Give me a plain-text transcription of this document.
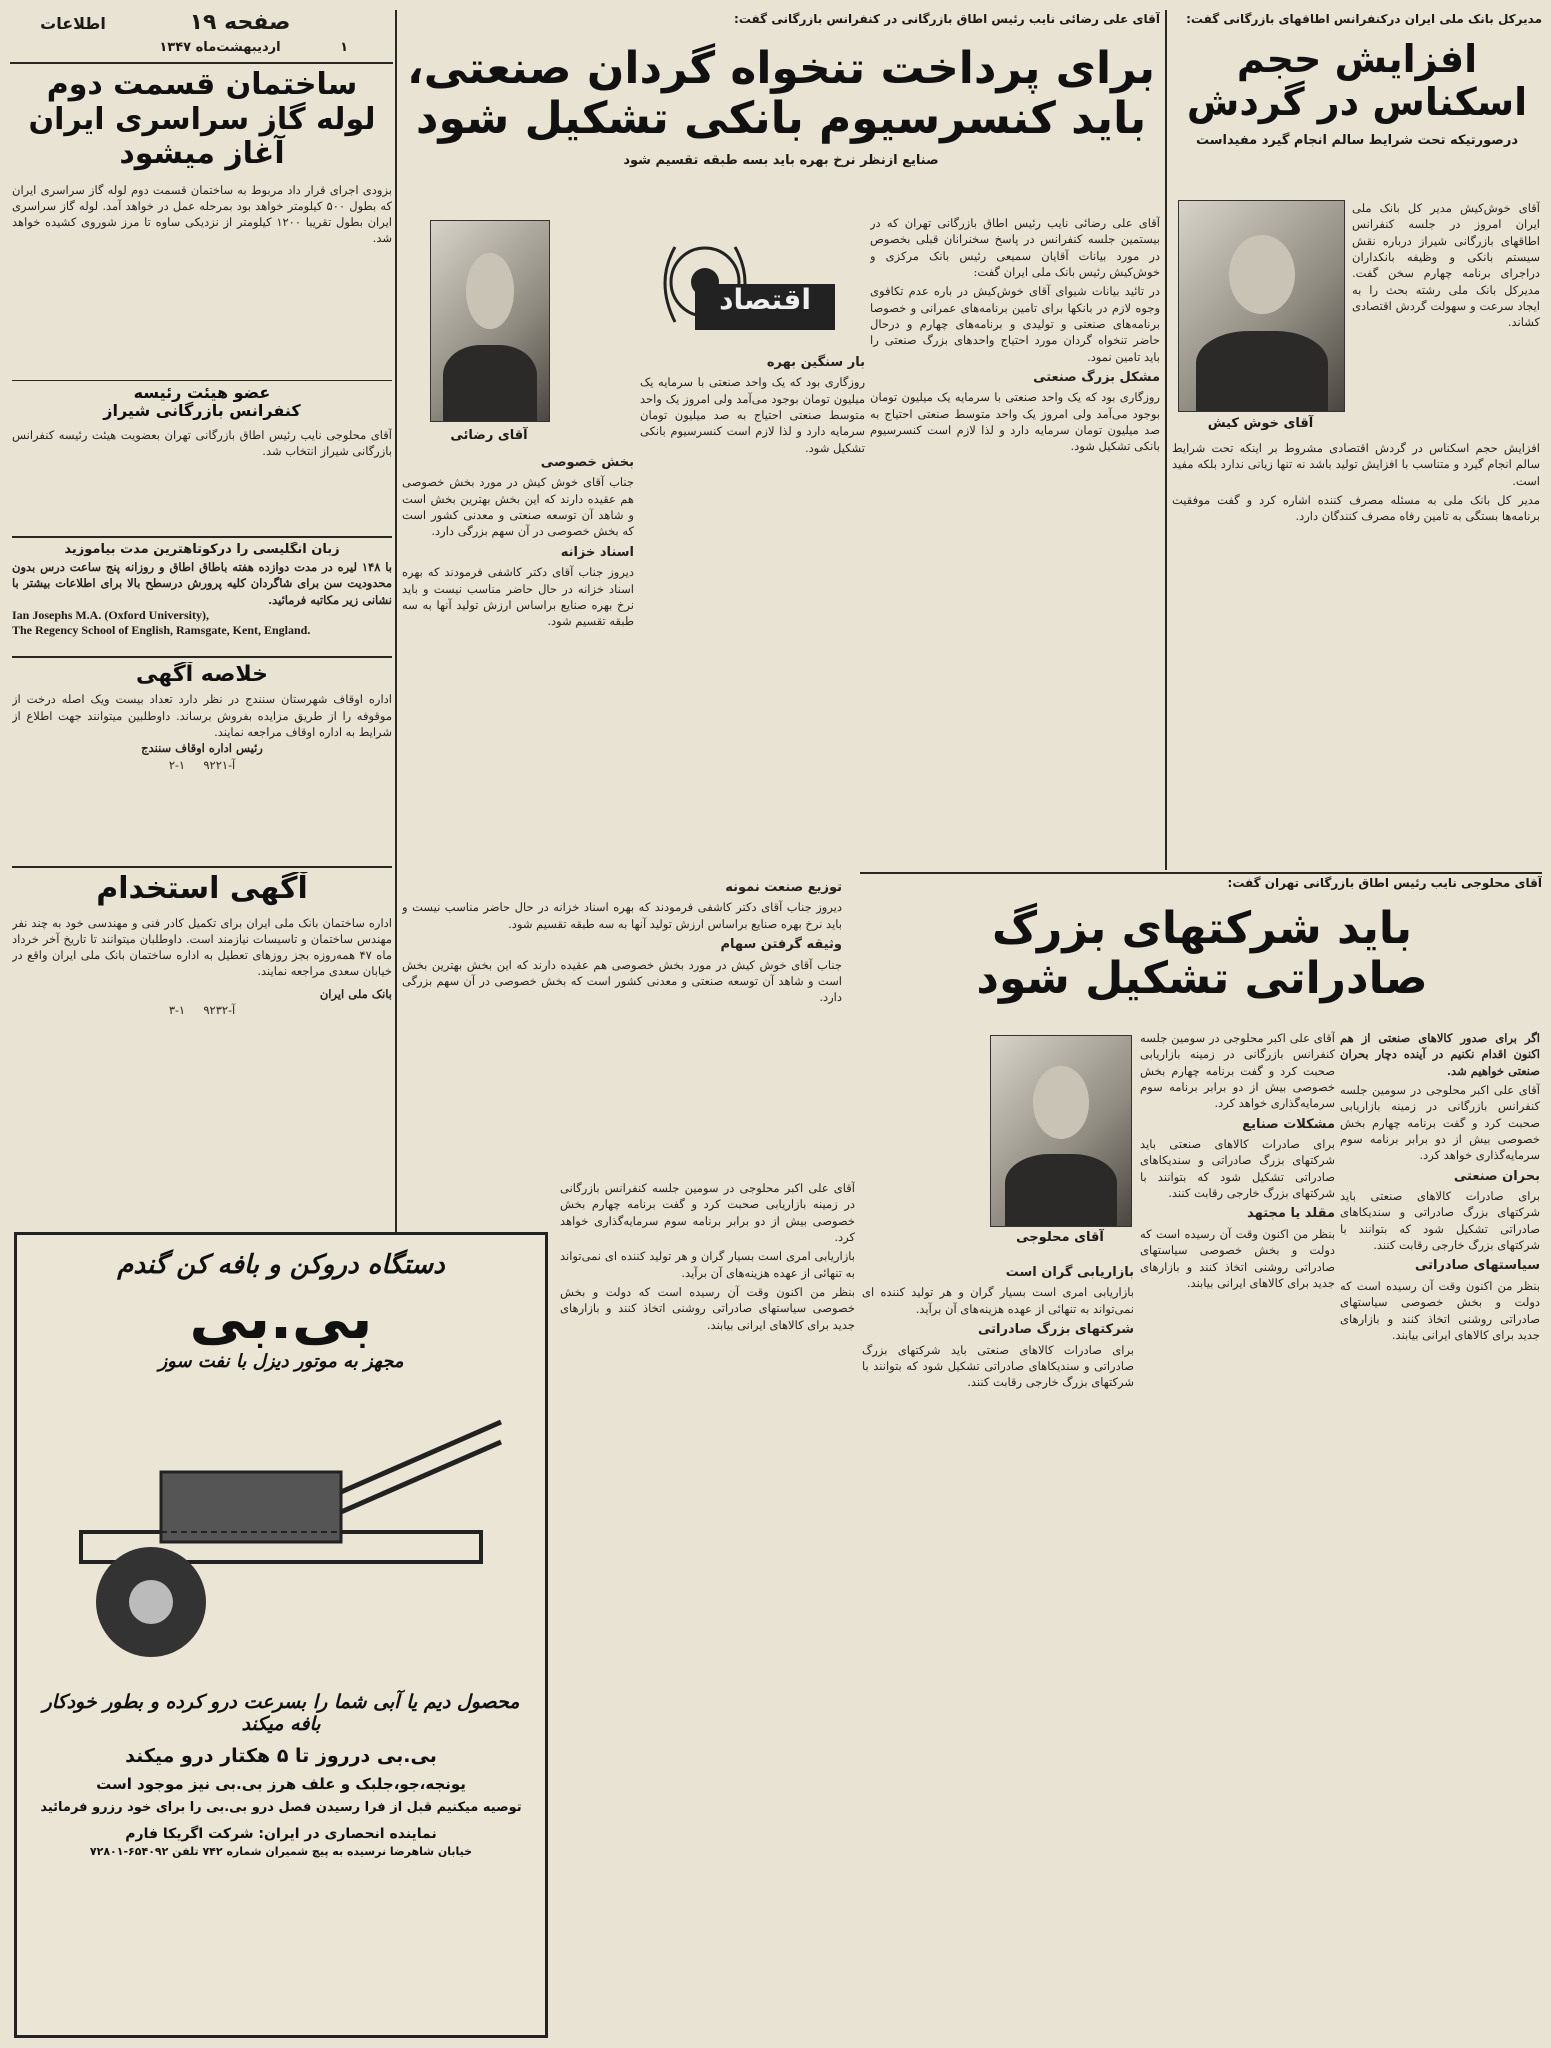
صفحه ۱۹
اطلاعات
اردیبهشت‌ماه ۱۳۴۷	۱
مدیرکل بانک ملی ایران درکنفرانس اطاقهای بازرگانی گفت:
افزایش حجم اسکناس در گردش
درصورتیکه تحت شرایط سالم انجام گیرد مفیداست
آقای خوش کیش

آقای خوش‌کیش مدیر کل بانک ملی ایران امروز در جلسه کنفرانس اطاقهای بازرگانی شیراز درباره نقش سیستم بانکی و وظیفه بانکداران دراجرای برنامه چهارم سخن گفت. مدیرکل بانک ملی رشته بحث را به ایجاد سرعت و سهولت گردش اقتصادی کشاند.

افزایش حجم اسکناس در گردش اقتصادی مشروط بر اینکه تحت شرایط سالم انجام گیرد و متناسب با افزایش تولید باشد نه تنها زیانی ندارد بلکه مفید است.

مدیر کل بانک ملی به مسئله مصرف کننده اشاره کرد و گفت موفقیت برنامه‌ها بستگی به تامین رفاه مصرف کنندگان دارد.

آقای علی رضائی نایب رئیس اطاق بازرگانی در کنفرانس بازرگانی گفت:
برای پرداخت تنخواه گردان صنعتی،
باید کنسرسیوم بانکی تشکیل شود
صنایع ازنظر نرخ بهره باید بسه طبقه تقسیم شود
اقتصاد
آقای رضائی

آقای علی رضائی نایب رئیس اطاق بازرگانی تهران که در بیستمین جلسه کنفرانس در پاسخ سخنرانان قبلی بخصوص در مورد بیانات آقایان سمیعی رئیس بانک مرکزی و خوش‌کیش رئیس بانک ملی ایران گفت:

در تائید بیانات شیوای آقای خوش‌کیش در باره عدم تکافوی وجوه لازم در بانکها برای تامین برنامه‌های عمرانی و خصوصا برنامه‌های صنعتی و تولیدی و برنامه‌های چهارم و درحال حاضر تنخواه گردان مورد احتیاج واحدهای بزرگ صنعتی را باید تامین نمود.

مشکل بزرگ صنعتی

روزگاری بود که یک واحد صنعتی با سرمایه یک میلیون تومان بوجود می‌آمد ولی امروز یک واحد متوسط صنعتی احتیاج به صد میلیون تومان سرمایه دارد و لذا لازم است کنسرسیوم بانکی تشکیل شود.

بار سنگین بهره

روزگاری بود که یک واحد صنعتی با سرمایه یک میلیون تومان بوجود می‌آمد ولی امروز یک واحد متوسط صنعتی احتیاج به صد میلیون تومان سرمایه دارد و لذا لازم است کنسرسیوم بانکی تشکیل شود.

بخش خصوصی

جناب آقای خوش کیش در مورد بخش خصوصی هم عقیده دارند که این بخش بهترین بخش است و شاهد آن توسعه صنعتی و معدنی کشور است که بخش خصوصی در آن سهم بزرگی دارد.

اسناد خزانه

دیروز جناب آقای دکتر کاشفی فرمودند که بهره اسناد خزانه در حال حاضر مناسب نیست و باید نرخ بهره صنایع براساس ارزش تولید آنها به سه طبقه تقسیم شود.

توزیع صنعت نمونه

دیروز جناب آقای دکتر کاشفی فرمودند که بهره اسناد خزانه در حال حاضر مناسب نیست و باید نرخ بهره صنایع براساس ارزش تولید آنها به سه طبقه تقسیم شود.

وثیقه گرفتن سهام

جناب آقای خوش کیش در مورد بخش خصوصی هم عقیده دارند که این بخش بهترین بخش است و شاهد آن توسعه صنعتی و معدنی کشور است که بخش خصوصی در آن سهم بزرگی دارد.

آقای محلوجی نایب رئیس اطاق بازرگانی تهران گفت:
باید شرکتهای بزرگ
صادراتی تشکیل شود
آقای محلوجی

اگر برای صدور کالاهای صنعتی از هم اکنون اقدام نکنیم در آینده دچار بحران صنعتی خواهیم شد.

آقای علی اکبر محلوجی در سومین جلسه کنفرانس بازرگانی در زمینه بازاریابی صحبت کرد و گفت برنامه چهارم بخش خصوصی بیش از دو برابر برنامه سوم سرمایه‌گذاری خواهد کرد.

بحران صنعتی

برای صادرات کالاهای صنعتی باید شرکتهای بزرگ صادراتی و سندیکاهای صادراتی تشکیل شود که بتوانند با شرکتهای بزرگ خارجی رقابت کنند.

سیاستهای صادراتی

بنظر من اکنون وقت آن رسیده است که دولت و بخش خصوصی سیاستهای صادراتی روشنی اتخاذ کنند و بازارهای جدید برای کالاهای ایرانی بیابند.

آقای علی اکبر محلوجی در سومین جلسه کنفرانس بازرگانی در زمینه بازاریابی صحبت کرد و گفت برنامه چهارم بخش خصوصی بیش از دو برابر برنامه سوم سرمایه‌گذاری خواهد کرد.

مشکلات صنایع

برای صادرات کالاهای صنعتی باید شرکتهای بزرگ صادراتی و سندیکاهای صادراتی تشکیل شود که بتوانند با شرکتهای بزرگ خارجی رقابت کنند.

مقلد یا مجتهد

بنظر من اکنون وقت آن رسیده است که دولت و بخش خصوصی سیاستهای صادراتی روشنی اتخاذ کنند و بازارهای جدید برای کالاهای ایرانی بیابند.

بازاریابی گران است

بازاریابی امری است بسیار گران و هر تولید کننده ای نمی‌تواند به تنهائی از عهده هزینه‌های آن برآید.

شرکتهای بزرگ صادراتی

برای صادرات کالاهای صنعتی باید شرکتهای بزرگ صادراتی و سندیکاهای صادراتی تشکیل شود که بتوانند با شرکتهای بزرگ خارجی رقابت کنند.

آقای علی اکبر محلوجی در سومین جلسه کنفرانس بازرگانی در زمینه بازاریابی صحبت کرد و گفت برنامه چهارم بخش خصوصی بیش از دو برابر برنامه سوم سرمایه‌گذاری خواهد کرد.

بازاریابی امری است بسیار گران و هر تولید کننده ای نمی‌تواند به تنهائی از عهده هزینه‌های آن برآید.

بنظر من اکنون وقت آن رسیده است که دولت و بخش خصوصی سیاستهای صادراتی روشنی اتخاذ کنند و بازارهای جدید برای کالاهای ایرانی بیابند.

ساختمان قسمت دوم
لوله گاز سراسری ایران
آغاز میشود
بزودی اجرای قرار داد مربوط به ساختمان قسمت دوم لوله گاز سراسری ایران که بطول ۵۰۰ کیلومتر خواهد بود بمرحله عمل در خواهد آمد. لوله گاز سراسری ایران بطول تقریبا ۱۲۰۰ کیلومتر از نزدیکی ساوه تا مرز شوروی کشیده خواهد شد.
عضو هیئت رئیسه
کنفرانس بازرگانی شیراز
آقای محلوجی نایب رئیس اطاق بازرگانی تهران بعضویت هیئت رئیسه کنفرانس بازرگانی شیراز انتخاب شد.
زبان انگلیسی را درکوتاهترین مدت بیاموزید
با ۱۴۸ لیره در مدت دوازده هفته باطاق اطاق و روزانه پنج ساعت درس بدون محدودیت سن برای شاگردان کلیه پرورش درسطح بالا برای اطلاعات بیشتر با نشانی زیر مکاتبه فرمائید.
Ian Josephs M.A. (Oxford University),
The Regency School of English, Ramsgate, Kent, England.
خلاصه آگهی
اداره اوقاف شهرستان سنندج در نظر دارد تعداد بیست ویک اصله درخت از موقوفه را از طریق مزایده بفروش برساند. داوطلبین میتوانند جهت اطلاع از شرایط به اداره اوقاف مراجعه نمایند.
رئیس اداره اوقاف سنندج
آ-۹۲۲۱     ۱-۲
آگهی استخدام
اداره ساختمان بانک ملی ایران برای تکمیل کادر فنی و مهندسی خود به چند نفر مهندس ساختمان و تاسیسات نیازمند است. داوطلبان میتوانند تا تاریخ آخر خرداد ماه ۴۷ همه‌روزه بجز روزهای تعطیل به اداره ساختمان بانک ملی ایران واقع در خیابان سعدی مراجعه نمایند.
بانک ملی ایران
آ-۹۲۳۲     ۱-۳
دستگاه دروکن و بافه کن گندم
بی.بی
مجهز به موتور دیزل با نفت سوز
محصول دیم یا آبی شما را بسرعت درو کرده و بطور خودکار بافه میکند
بی.بی درروز تا ۵ هکتار درو میکند
یونجه،جو،جلبک و علف هرز بی.بی نیز موجود است
توصیه میکنیم قبل از فرا رسیدن فصل درو بی.بی را برای خود رزرو فرمائید
نماینده انحصاری در ایران: شرکت اگریکا فارم
خیابان شاهرضا نرسیده به پیچ شمیران شماره ۷۴۲ تلفن ۶۵۴۰۹۲-۷۲۸۰۱
